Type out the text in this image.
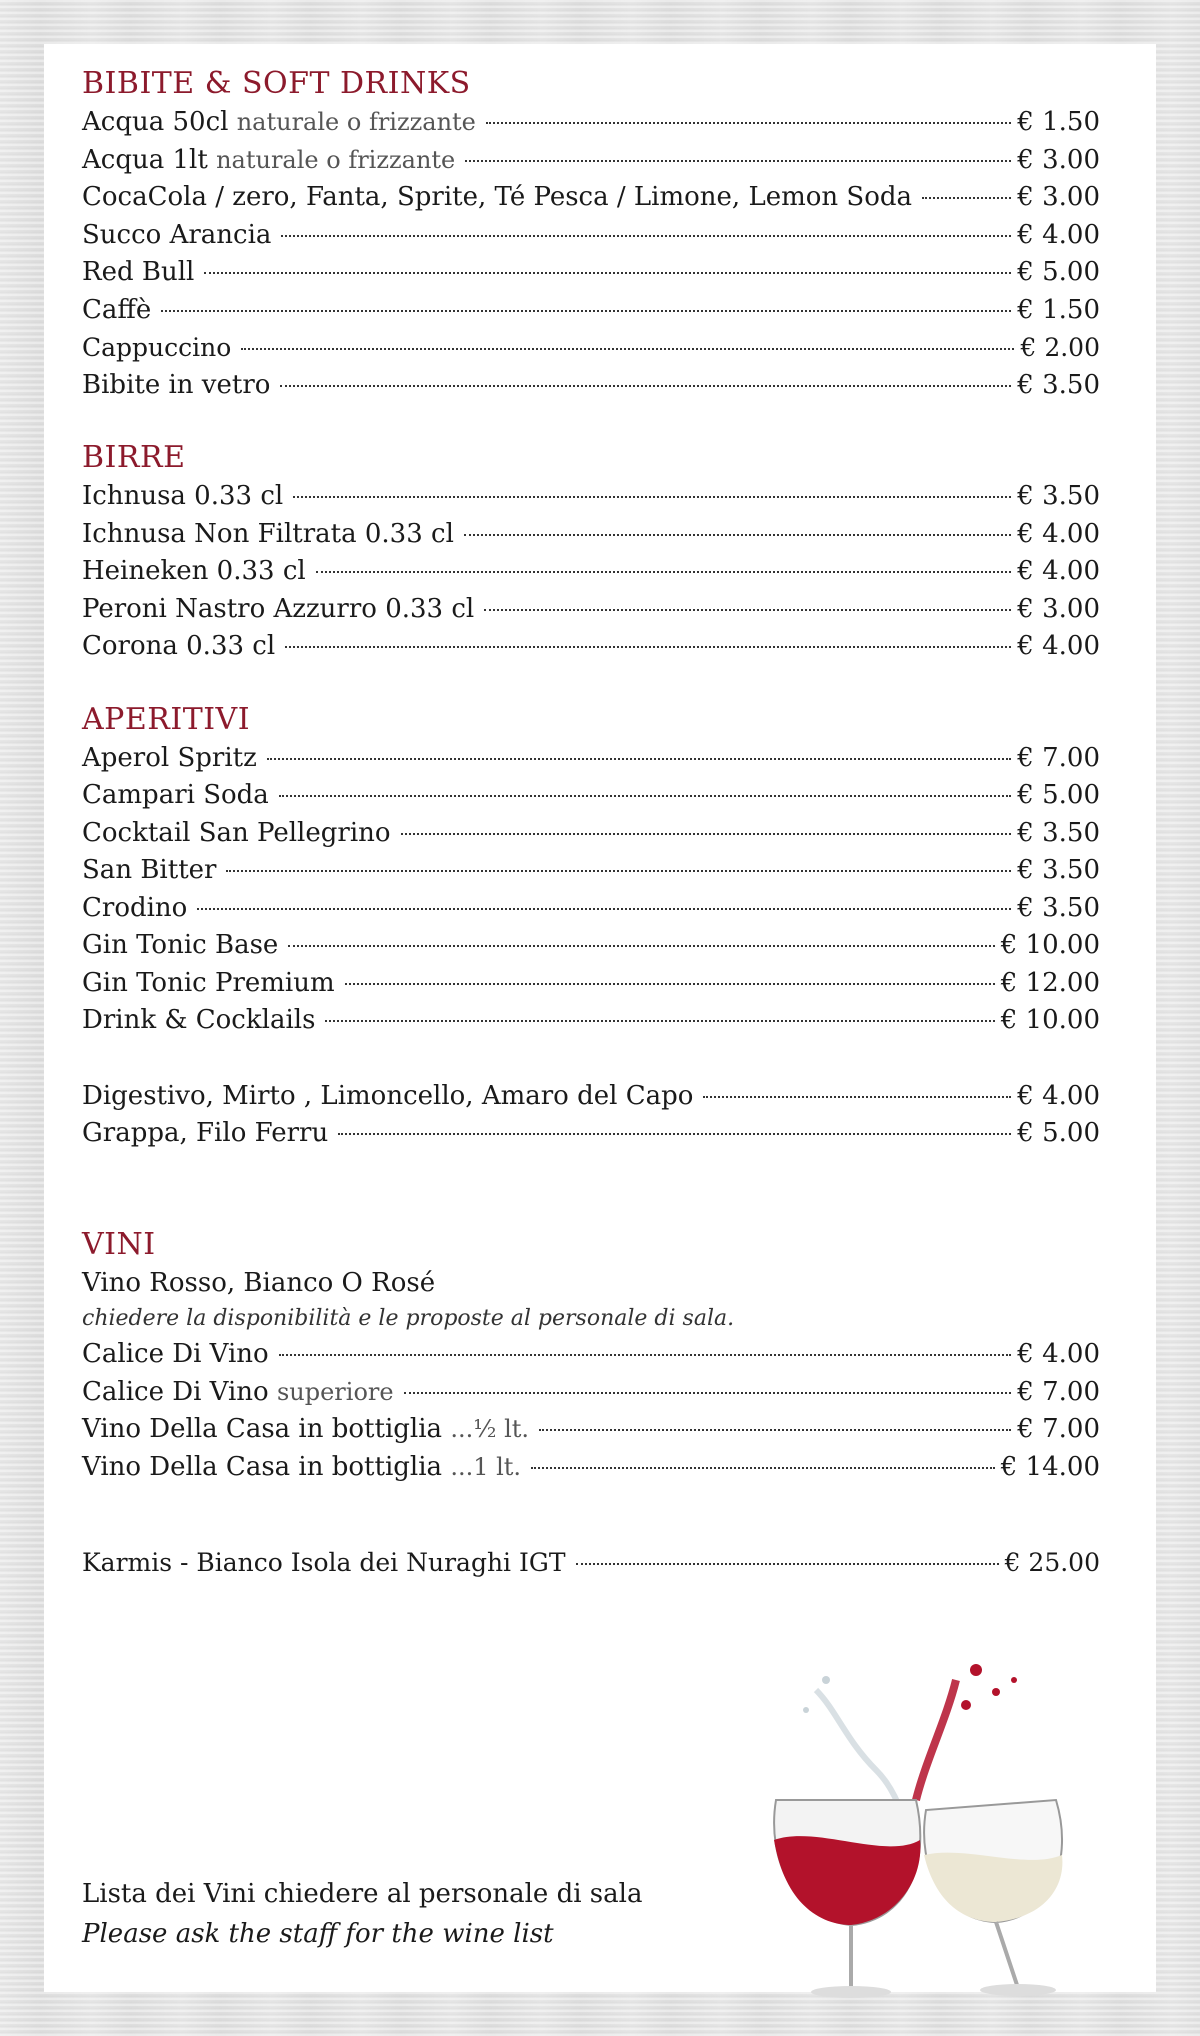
BIBITE & SOFT DRINKS
Acqua 50cl naturale o frizzante	€ 1.50
Acqua 1lt naturale o frizzante	€ 3.00
CocaCola / zero, Fanta, Sprite, Té Pesca / Limone, Lemon Soda	€ 3.00
Succo Arancia	€ 4.00
Red Bull	€ 5.00
Caffè	€ 1.50
Cappuccino	€ 2.00
Bibite in vetro	€ 3.50
BIRRE
Ichnusa 0.33 cl	€ 3.50
Ichnusa Non Filtrata 0.33 cl	€ 4.00
Heineken 0.33 cl	€ 4.00
Peroni Nastro Azzurro 0.33 cl	€ 3.00
Corona 0.33 cl	€ 4.00
APERITIVI
Aperol Spritz	€ 7.00
Campari Soda	€ 5.00
Cocktail San Pellegrino	€ 3.50
San Bitter	€ 3.50
Crodino	€ 3.50
Gin Tonic Base	€ 10.00
Gin Tonic Premium	€ 12.00
Drink & Cocklails	€ 10.00
Digestivo, Mirto , Limoncello, Amaro del Capo	€ 4.00
Grappa, Filo Ferru	€ 5.00
VINI
Vino Rosso, Bianco O Rosé
chiedere la disponibilità e le proposte al personale di sala.
Calice Di Vino	€ 4.00
Calice Di Vino superiore	€ 7.00
Vino Della Casa in bottiglia ...½ lt.	€ 7.00
Vino Della Casa in bottiglia ...1 lt.	€ 14.00
Karmis - Bianco Isola dei Nuraghi IGT	€ 25.00
Lista dei Vini chiedere al personale di sala
Please ask the staff for the wine list
